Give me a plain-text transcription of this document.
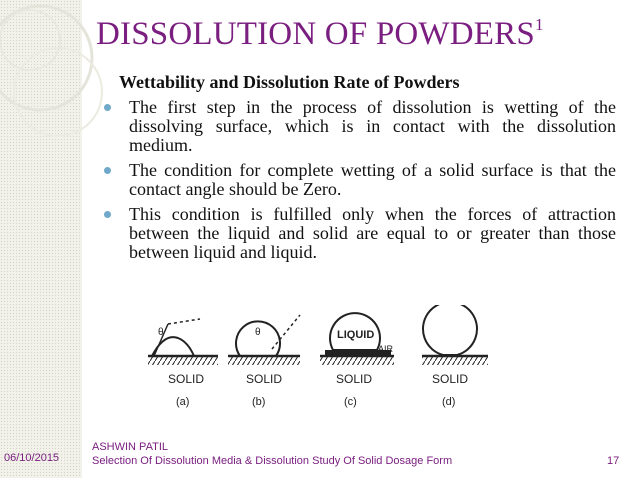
DISSOLUTION OF POWDERS$^1$
Wettability and Dissolution Rate of Powders
The first step in the process of dissolution is wetting of the dissolving surface, which is in contact with the dissolution medium.
The condition for complete wetting of a solid surface is that the contact angle should be Zero.
This condition is fulfilled only when the forces of attraction between the liquid and solid are equal to or greater than those between liquid and liquid.
θ
SOLID
(a)
θ
SOLID
(b)
LIQUID
AIR
SOLID
(c)
SOLID
(d)
06/10/2015
ASHWIN PATIL
Selection Of Dissolution Media & Dissolution Study Of Solid Dosage Form	17
